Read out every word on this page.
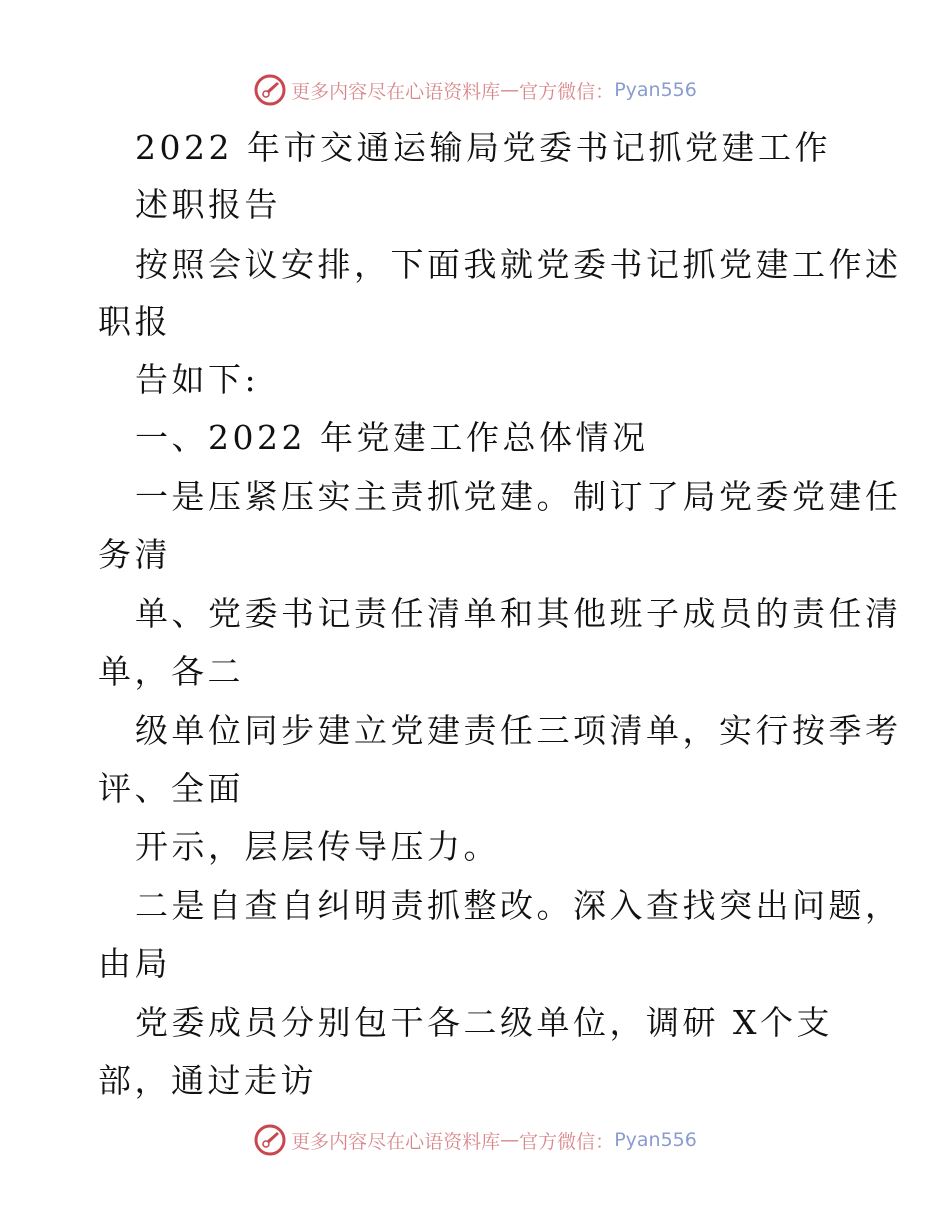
更多内容尽在心语资料库 — 官方微信： Pyan556
2022 年市交通运输局党委书记抓党建工作
述职报告
按照会议安排，下面我就党委书记抓党建工作述
职报
告如下:
一、2022 年党建工作总体情况
一是压紧压实主责抓党建。制订了局党委党建任
务清
单、党委书记责任清单和其他班子成员的责任清
单，各二
级单位同步建立党建责任三项清单，实行按季考
评、全面
开示，层层传导压力。
二是自查自纠明责抓整改。深入查找突出问题，
由局
党委成员分别包干各二级单位，调研 X个支
部，通过走访
更多内容尽在心语资料库 — 官方微信： Pyan556
